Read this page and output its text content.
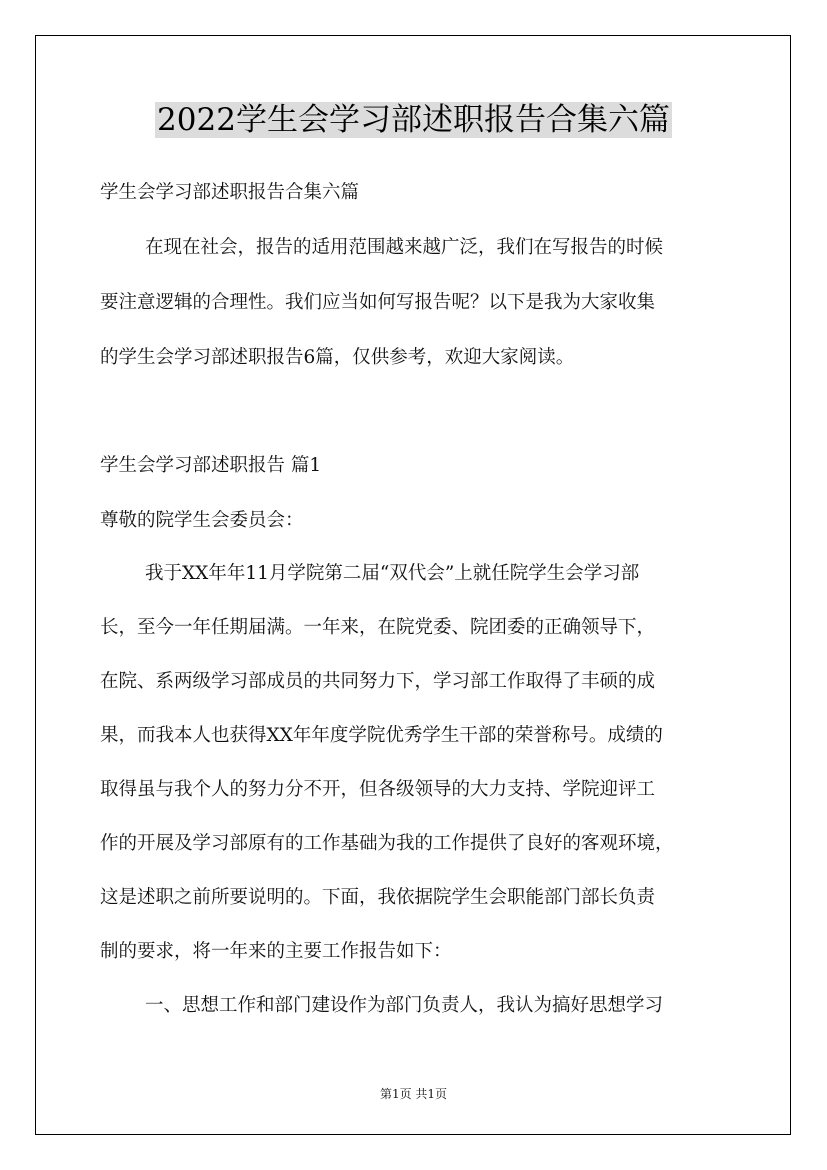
2022学生会学习部述职报告合集六篇
学生会学习部述职报告合集六篇
在现在社会，报告的适用范围越来越广泛，我们在写报告的时候
要注意逻辑的合理性。我们应当如何写报告呢？以下是我为大家收集
的学生会学习部述职报告6篇，仅供参考，欢迎大家阅读。
学生会学习部述职报告 篇1
尊敬的院学生会委员会：
我于XX年年11月学院第二届“双代会”上就任院学生会学习部
长，至今一年任期届满。一年来，在院党委、院团委的正确领导下，
在院、系两级学习部成员的共同努力下，学习部工作取得了丰硕的成
果，而我本人也获得XX年年度学院优秀学生干部的荣誉称号。成绩的
取得虽与我个人的努力分不开，但各级领导的大力支持、学院迎评工
作的开展及学习部原有的工作基础为我的工作提供了良好的客观环境，
这是述职之前所要说明的。下面，我依据院学生会职能部门部长负责
制的要求，将一年来的主要工作报告如下：
一、思想工作和部门建设作为部门负责人，我认为搞好思想学习
第1页 共1页
